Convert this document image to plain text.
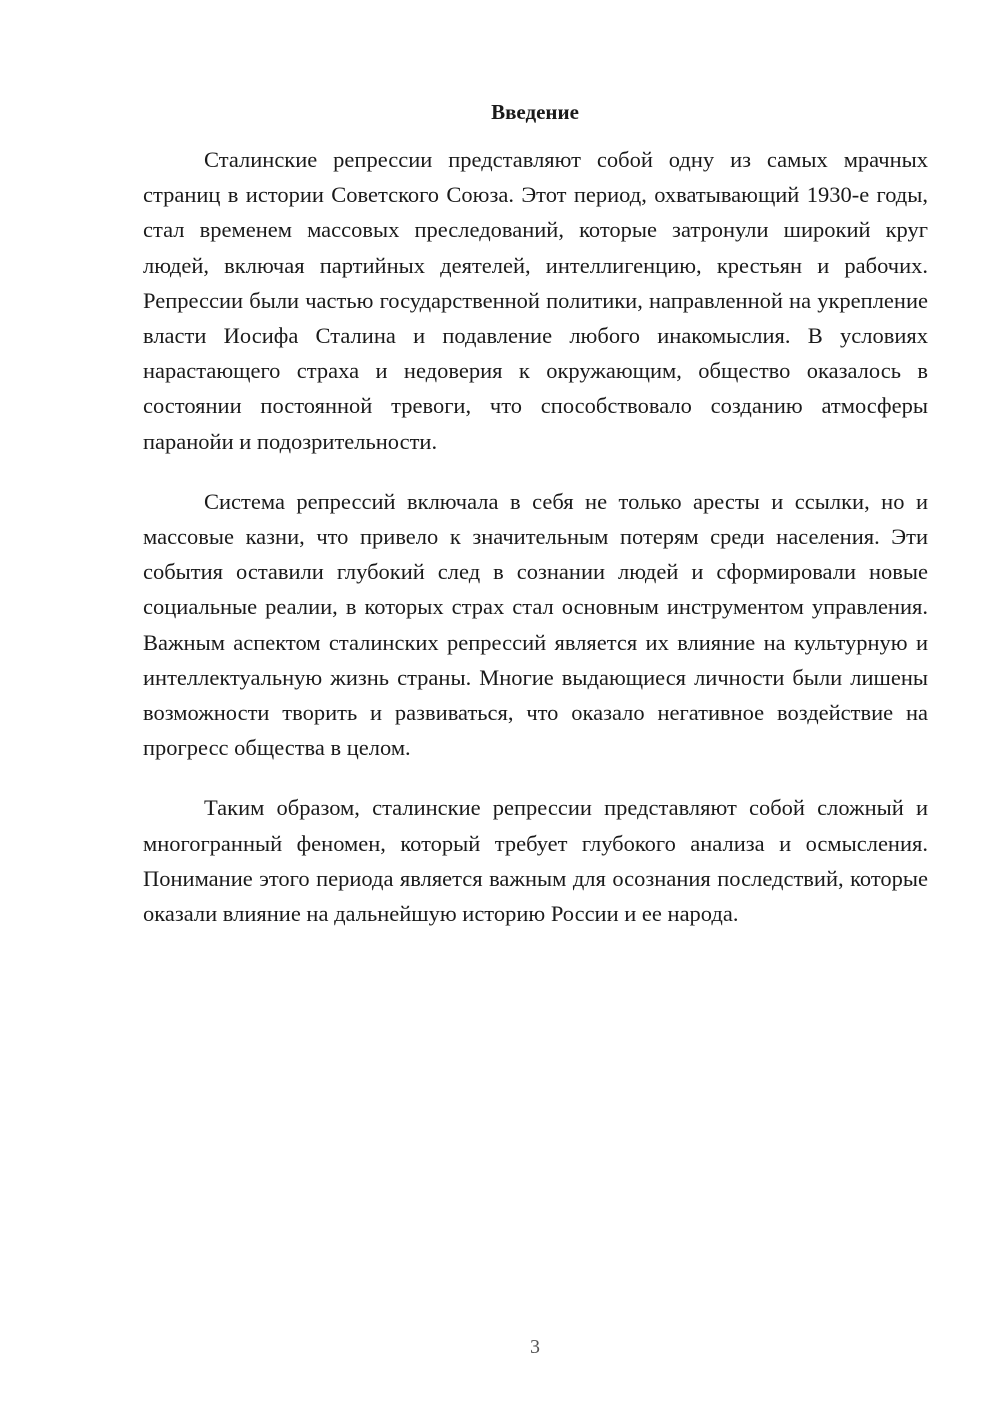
Введение

Сталинские репрессии представляют собой одну из самых мрачных страниц в истории Советского Союза. Этот период, охватывающий 1930-е годы, стал временем массовых преследований, которые затронули широкий круг людей, включая партийных деятелей, интеллигенцию, крестьян и рабочих. Репрессии были частью государственной политики, направленной на укрепление власти Иосифа Сталина и подавление любого инакомыслия. В условиях нарастающего страха и недоверия к окружающим, общество оказалось в состоянии постоянной тревоги, что способствовало созданию атмосферы паранойи и подозрительности.

Система репрессий включала в себя не только аресты и ссылки, но и массовые казни, что привело к значительным потерям среди населения. Эти события оставили глубокий след в сознании людей и сформировали новые социальные реалии, в которых страх стал основным инструментом управления. Важным аспектом сталинских репрессий является их влияние на культурную и интеллектуальную жизнь страны. Многие выдающиеся личности были лишены возможности творить и развиваться, что оказало негативное воздействие на прогресс общества в целом.

Таким образом, сталинские репрессии представляют собой сложный и многогранный феномен, который требует глубокого анализа и осмысления. Понимание этого периода является важным для осознания последствий, которые оказали влияние на дальнейшую историю России и ее народа.

3
